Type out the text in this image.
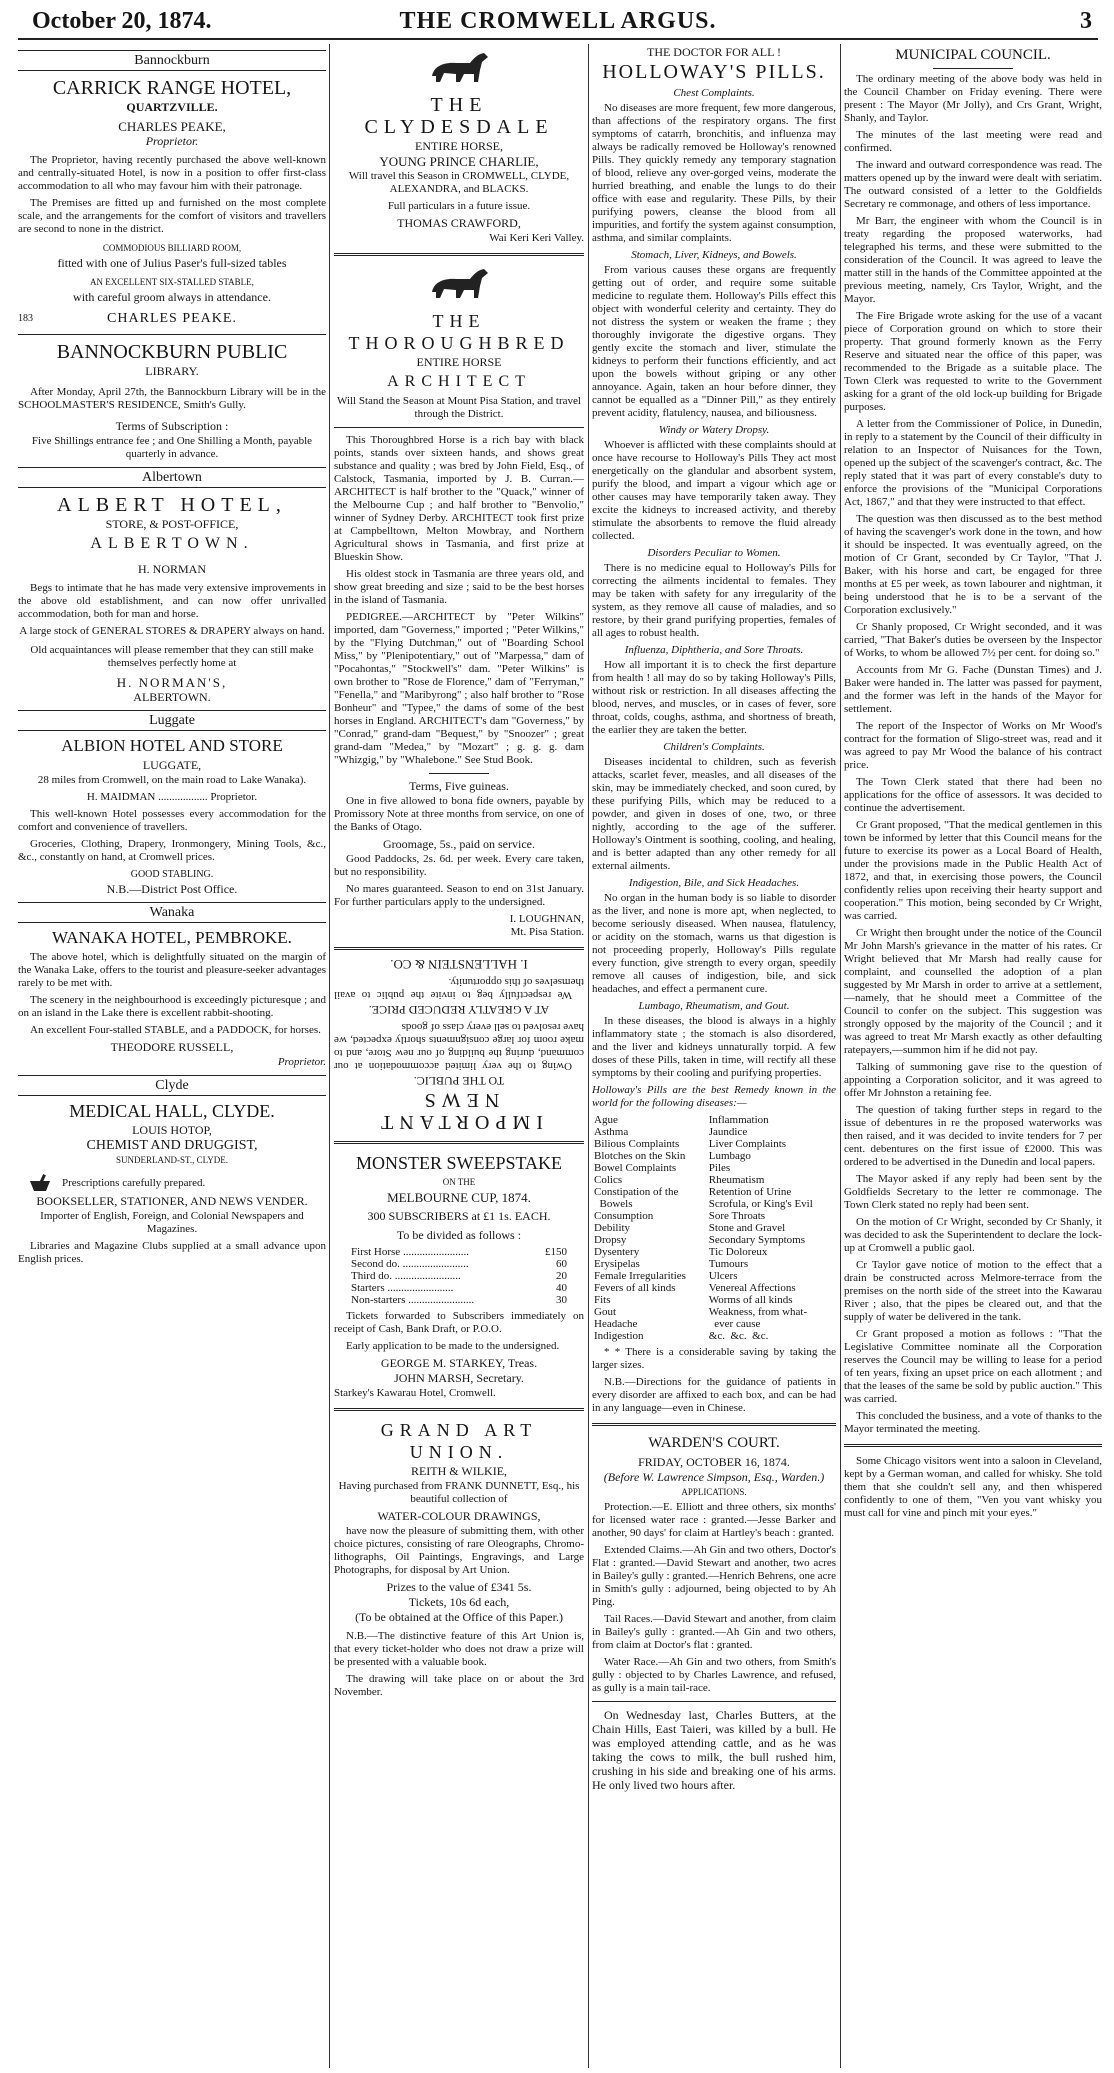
October 20, 1874.	THE CROMWELL ARGUS.	3
Bannockburn
CARRICK RANGE HOTEL,
QUARTZVILLE.
CHARLES PEAKE,
Proprietor.

The Proprietor, having recently purchased the above well-known and centrally-situated Hotel, is now in a position to offer first-class accommodation to all who may favour him with their patronage.

The Premises are fitted up and furnished on the most complete scale, and the arrangements for the comfort of visitors and travellers are second to none in the district.

COMMODIOUS BILLIARD ROOM,
fitted with one of Julius Paser's full-sized tables
AN EXCELLENT SIX-STALLED STABLE,
with careful groom always in attendance.
183	CHARLES PEAKE.
BANNOCKBURN PUBLIC
LIBRARY.

After Monday, April 27th, the Bannockburn Library will be in the SCHOOLMASTER'S RESIDENCE, Smith's Gully.

Terms of Subscription :

Five Shillings entrance fee ; and One Shilling a Month, payable quarterly in advance.

Albertown
ALBERT HOTEL,
STORE, & POST-OFFICE,
ALBERTOWN.
H. NORMAN

Begs to intimate that he has made very extensive improvements in the above old establishment, and can now offer unrivalled accommodation, both for man and horse.

A large stock of GENERAL STORES & DRAPERY always on hand.

Old acquaintances will please remember that they can still make themselves perfectly home at

H. NORMAN'S,
ALBERTOWN.
Luggate
ALBION HOTEL AND STORE
LUGGATE,

28 miles from Cromwell, on the main road to Lake Wanaka).

H. MAIDMAN .................. Proprietor.

This well-known Hotel possesses every accommodation for the comfort and convenience of travellers.

Groceries, Clothing, Drapery, Ironmongery, Mining Tools, &c., &c., constantly on hand, at Cromwell prices.

GOOD STABLING.
N.B.—District Post Office.
Wanaka
WANAKA HOTEL, PEMBROKE.

The above hotel, which is delightfully situated on the margin of the Wanaka Lake, offers to the tourist and pleasure-seeker advantages rarely to be met with.

The scenery in the neighbourhood is exceedingly picturesque ; and on an island in the Lake there is excellent rabbit-shooting.

An excellent Four-stalled STABLE, and a PADDOCK, for horses.

THEODORE RUSSELL,
Proprietor.
Clyde
MEDICAL HALL, CLYDE.
LOUIS HOTOP,
CHEMIST AND DRUGGIST,
SUNDERLAND-ST., CLYDE.
Prescriptions carefully prepared.
BOOKSELLER, STATIONER, AND NEWS VENDER.

Importer of English, Foreign, and Colonial Newspapers and Magazines.

Libraries and Magazine Clubs supplied at a small advance upon English prices.

THE CLYDESDALE
ENTIRE HORSE,
YOUNG PRINCE CHARLIE,

Will travel this Season in CROMWELL, CLYDE, ALEXANDRA, and BLACKS.

Full particulars in a future issue.

THOMAS CRAWFORD,
Wai Keri Keri Valley.
THE THOROUGHBRED
ENTIRE HORSE
ARCHITECT

Will Stand the Season at Mount Pisa Station, and travel through the District.

This Thoroughbred Horse is a rich bay with black points, stands over sixteen hands, and shows great substance and quality ; was bred by John Field, Esq., of Calstock, Tasmania, imported by J. B. Curran.—ARCHITECT is half brother to the "Quack," winner of the Melbourne Cup ; and half brother to "Benvolio," winner of Sydney Derby. ARCHITECT took first prize at Campbelltown, Melton Mowbray, and Northern Agricultural shows in Tasmania, and first prize at Blueskin Show.

His oldest stock in Tasmania are three years old, and show great breeding and size ; said to be the best horses in the island of Tasmania.

PEDIGREE.—ARCHITECT by "Peter Wilkins" imported, dam "Governess," imported ; "Peter Wilkins," by the "Flying Dutchman," out of "Boarding School Miss," by "Plenipotentiary," out of "Marpessa," dam of "Pocahontas," "Stockwell's" dam. "Peter Wilkins" is own brother to "Rose de Florence," dam of "Ferryman," "Fenella," and "Maribyrong" ; also half brother to "Rose Bonheur" and "Typee," the dams of some of the best horses in England. ARCHITECT's dam "Governess," by "Conrad," grand-dam "Bequest," by "Snoozer" ; great grand-dam "Medea," by "Mozart" ; g. g. g. dam "Whizgig," by "Whalebone." See Stud Book.

Terms, Five guineas.

One in five allowed to bona fide owners, payable by Promissory Note at three months from service, on one of the Banks of Otago.

Groomage, 5s., paid on service.

Good Paddocks, 2s. 6d. per week. Every care taken, but no responsibility.

No mares guaranteed. Season to end on 31st January. For further particulars apply to the undersigned.

I. LOUGHNAN,
Mt. Pisa Station.
IMPORTANT NEWS
TO THE PUBLIC.

Owing to the very limited accommodation at our command, during the building of our new Store, and to make room for large consignments shortly expected, we have resolved to sell every class of goods

AT A GREATLY REDUCED PRICE.

We respectfully beg to invite the public to avail themselves of this opportunity.

I. HALLENSTEIN & CO.
MONSTER SWEEPSTAKE
ON THE
MELBOURNE CUP, 1874.
300 SUBSCRIBERS at £1 1s. EACH.
To be divided as follows :
First Horse ........................	£150
Second do. ........................	60
Third do. ........................	20
Starters ........................	40
Non-starters ........................	30

Tickets forwarded to Subscribers immediately on receipt of Cash, Bank Draft, or P.O.O.

Early application to be made to the undersigned.

GEORGE M. STARKEY, Treas.
JOHN MARSH, Secretary.
Starkey's Kawarau Hotel, Cromwell.
GRAND ART UNION.
REITH & WILKIE,

Having purchased from FRANK DUNNETT, Esq., his beautiful collection of

WATER-COLOUR DRAWINGS,

have now the pleasure of submitting them, with other choice pictures, consisting of rare Oleographs, Chromo-lithographs, Oil Paintings, Engravings, and Large Photographs, for disposal by Art Union.

Prizes to the value of £341 5s.
Tickets, 10s 6d each,
(To be obtained at the Office of this Paper.)

N.B.—The distinctive feature of this Art Union is, that every ticket-holder who does not draw a prize will be presented with a valuable book.

The drawing will take place on or about the 3rd November.

THE DOCTOR FOR ALL !
HOLLOWAY'S PILLS.
Chest Complaints.

No diseases are more frequent, few more dangerous, than affections of the respiratory organs. The first symptoms of catarrh, bronchitis, and influenza may always be radically removed be Holloway's renowned Pills. They quickly remedy any temporary stagnation of blood, relieve any over-gorged veins, moderate the hurried breathing, and enable the lungs to do their office with ease and regularity. These Pills, by their purifying powers, cleanse the blood from all impurities, and fortify the system against consumption, asthma, and similar complaints.

Stomach, Liver, Kidneys, and Bowels.

From various causes these organs are frequently getting out of order, and require some suitable medicine to regulate them. Holloway's Pills effect this object with wonderful celerity and certainty. They do not distress the system or weaken the frame ; they thoroughly invigorate the digestive organs. They gently excite the stomach and liver, stimulate the kidneys to perform their functions efficiently, and act upon the bowels without griping or any other annoyance. Again, taken an hour before dinner, they cannot be equalled as a "Dinner Pill," as they entirely prevent acidity, flatulency, nausea, and biliousness.

Windy or Watery Dropsy.

Whoever is afflicted with these complaints should at once have recourse to Holloway's Pills They act most energetically on the glandular and absorbent system, purify the blood, and impart a vigour which age or other causes may have temporarily taken away. They excite the kidneys to increased activity, and thereby stimulate the absorbents to remove the fluid already collected.

Disorders Peculiar to Women.

There is no medicine equal to Holloway's Pills for correcting the ailments incidental to females. They may be taken with safety for any irregularity of the system, as they remove all cause of maladies, and so restore, by their grand purifying properties, females of all ages to robust health.

Influenza, Diphtheria, and Sore Throats.

How all important it is to check the first departure from health ! all may do so by taking Holloway's Pills, without risk or restriction. In all diseases affecting the blood, nerves, and muscles, or in cases of fever, sore throat, colds, coughs, asthma, and shortness of breath, the earlier they are taken the better.

Children's Complaints.

Diseases incidental to children, such as feverish attacks, scarlet fever, measles, and all diseases of the skin, may be immediately checked, and soon cured, by these purifying Pills, which may be reduced to a powder, and given in doses of one, two, or three nightly, according to the age of the sufferer. Holloway's Ointment is soothing, cooling, and healing, and is better adapted than any other remedy for all external ailments.

Indigestion, Bile, and Sick Headaches.

No organ in the human body is so liable to disorder as the liver, and none is more apt, when neglected, to become seriously diseased. When nausea, flatulency, or acidity on the stomach, warns us that digestion is not proceeding properly, Holloway's Pills regulate every function, give strength to every organ, speedily remove all causes of indigestion, bile, and sick headaches, and effect a permanent cure.

Lumbago, Rheumatism, and Gout.

In these diseases, the blood is always in a highly inflammatory state ; the stomach is also disordered, and the liver and kidneys unnaturally torpid. A few doses of these Pills, taken in time, will rectify all these symptoms by their cooling and purifying properties.

Holloway's Pills are the best Remedy known in the world for the following diseases:—

Ague	Inflammation
Asthma	Jaundice
Bilious Complaints	Liver Complaints
Blotches on the Skin	Lumbago
Bowel Complaints	Piles
Colics	Rheumatism
Constipation of the	Retention of Urine
Bowels	Scrofula, or King's Evil
Consumption	Sore Throats
Debility	Stone and Gravel
Dropsy	Secondary Symptoms
Dysentery	Tic Doloreux
Erysipelas	Tumours
Female Irregularities	Ulcers
Fevers of all kinds	Venereal Affections
Fits	Worms of all kinds
Gout	Weakness, from what-
Headache	ever cause
Indigestion	&c.  &c.  &c.

* * There is a considerable saving by taking the larger sizes.

N.B.—Directions for the guidance of patients in every disorder are affixed to each box, and can be had in any language—even in Chinese.

WARDEN'S COURT.
FRIDAY, OCTOBER 16, 1874.
(Before W. Lawrence Simpson, Esq., Warden.)
APPLICATIONS.

Protection.—E. Elliott and three others, six months' for licensed water race : granted.—Jesse Barker and another, 90 days' for claim at Hartley's beach : granted.

Extended Claims.—Ah Gin and two others, Doctor's Flat : granted.—David Stewart and another, two acres in Bailey's gully : granted.—Henrich Behrens, one acre in Smith's gully : adjourned, being objected to by Ah Ping.

Tail Races.—David Stewart and another, from claim in Bailey's gully : granted.—Ah Gin and two others, from claim at Doctor's flat : granted.

Water Race.—Ah Gin and two others, from Smith's gully : objected to by Charles Lawrence, and refused, as gully is a main tail-race.

On Wednesday last, Charles Butters, at the Chain Hills, East Taieri, was killed by a bull. He was employed attending cattle, and as he was taking the cows to milk, the bull rushed him, crushing in his side and breaking one of his arms. He only lived two hours after.

MUNICIPAL COUNCIL.

The ordinary meeting of the above body was held in the Council Chamber on Friday evening. There were present : The Mayor (Mr Jolly), and Crs Grant, Wright, Shanly, and Taylor.

The minutes of the last meeting were read and confirmed.

The inward and outward correspondence was read. The matters opened up by the inward were dealt with seriatim. The outward consisted of a letter to the Goldfields Secretary re commonage, and others of less importance.

Mr Barr, the engineer with whom the Council is in treaty regarding the proposed waterworks, had telegraphed his terms, and these were submitted to the consideration of the Council. It was agreed to leave the matter still in the hands of the Committee appointed at the previous meeting, namely, Crs Taylor, Wright, and the Mayor.

The Fire Brigade wrote asking for the use of a vacant piece of Corporation ground on which to store their property. That ground formerly known as the Ferry Reserve and situated near the office of this paper, was recommended to the Brigade as a suitable place. The Town Clerk was requested to write to the Government asking for a grant of the old lock-up building for Brigade purposes.

A letter from the Commissioner of Police, in Dunedin, in reply to a statement by the Council of their difficulty in relation to an Inspector of Nuisances for the Town, opened up the subject of the scavenger's contract, &c. The reply stated that it was part of every constable's duty to enforce the provisions of the "Municipal Corporations Act, 1867," and that they were instructed to that effect.

The question was then discussed as to the best method of having the scavenger's work done in the town, and how it should be inspected. It was eventually agreed, on the motion of Cr Grant, seconded by Cr Taylor, "That J. Baker, with his horse and cart, be engaged for three months at £5 per week, as town labourer and nightman, it being understood that he is to be a servant of the Corporation exclusively."

Cr Shanly proposed, Cr Wright seconded, and it was carried, "That Baker's duties be overseen by the Inspector of Works, to whom be allowed 7½ per cent. for doing so."

Accounts from Mr G. Fache (Dunstan Times) and J. Baker were handed in. The latter was passed for payment, and the former was left in the hands of the Mayor for settlement.

The report of the Inspector of Works on Mr Wood's contract for the formation of Sligo-street was, read and it was agreed to pay Mr Wood the balance of his contract price.

The Town Clerk stated that there had been no applications for the office of assessors. It was decided to continue the advertisement.

Cr Grant proposed, "That the medical gentlemen in this town be informed by letter that this Council means for the future to exercise its power as a Local Board of Health, under the provisions made in the Public Health Act of 1872, and that, in exercising those powers, the Council confidently relies upon receiving their hearty support and cooperation." This motion, being seconded by Cr Wright, was carried.

Cr Wright then brought under the notice of the Council Mr John Marsh's grievance in the matter of his rates. Cr Wright believed that Mr Marsh had really cause for complaint, and counselled the adoption of a plan suggested by Mr Marsh in order to arrive at a settlement,—namely, that he should meet a Committee of the Council to confer on the subject. This suggestion was strongly opposed by the majority of the Council ; and it was agreed to treat Mr Marsh exactly as other defaulting ratepayers,—summon him if he did not pay.

Talking of summoning gave rise to the question of appointing a Corporation solicitor, and it was agreed to offer Mr Johnston a retaining fee.

The question of taking further steps in regard to the issue of debentures in re the proposed waterworks was then raised, and it was decided to invite tenders for 7 per cent. debentures on the first issue of £2000. This was ordered to be advertised in the Dunedin and local papers.

The Mayor asked if any reply had been sent by the Goldfields Secretary to the letter re commonage. The Town Clerk stated no reply had been sent.

On the motion of Cr Wright, seconded by Cr Shanly, it was decided to ask the Superintendent to declare the lock-up at Cromwell a public gaol.

Cr Taylor gave notice of motion to the effect that a drain be constructed across Melmore-terrace from the premises on the north side of the street into the Kawarau River ; also, that the pipes be cleared out, and that the supply of water be delivered in the tank.

Cr Grant proposed a motion as follows : "That the Legislative Committee nominate all the Corporation reserves the Council may be willing to lease for a period of ten years, fixing an upset price on each allotment ; and that the leases of the same be sold by public auction." This was carried.

This concluded the business, and a vote of thanks to the Mayor terminated the meeting.

Some Chicago visitors went into a saloon in Cleveland, kept by a German woman, and called for whisky. She told them that she couldn't sell any, and then whispered confidently to one of them, "Ven you vant whisky you must call for vine and pinch mit your eyes."
